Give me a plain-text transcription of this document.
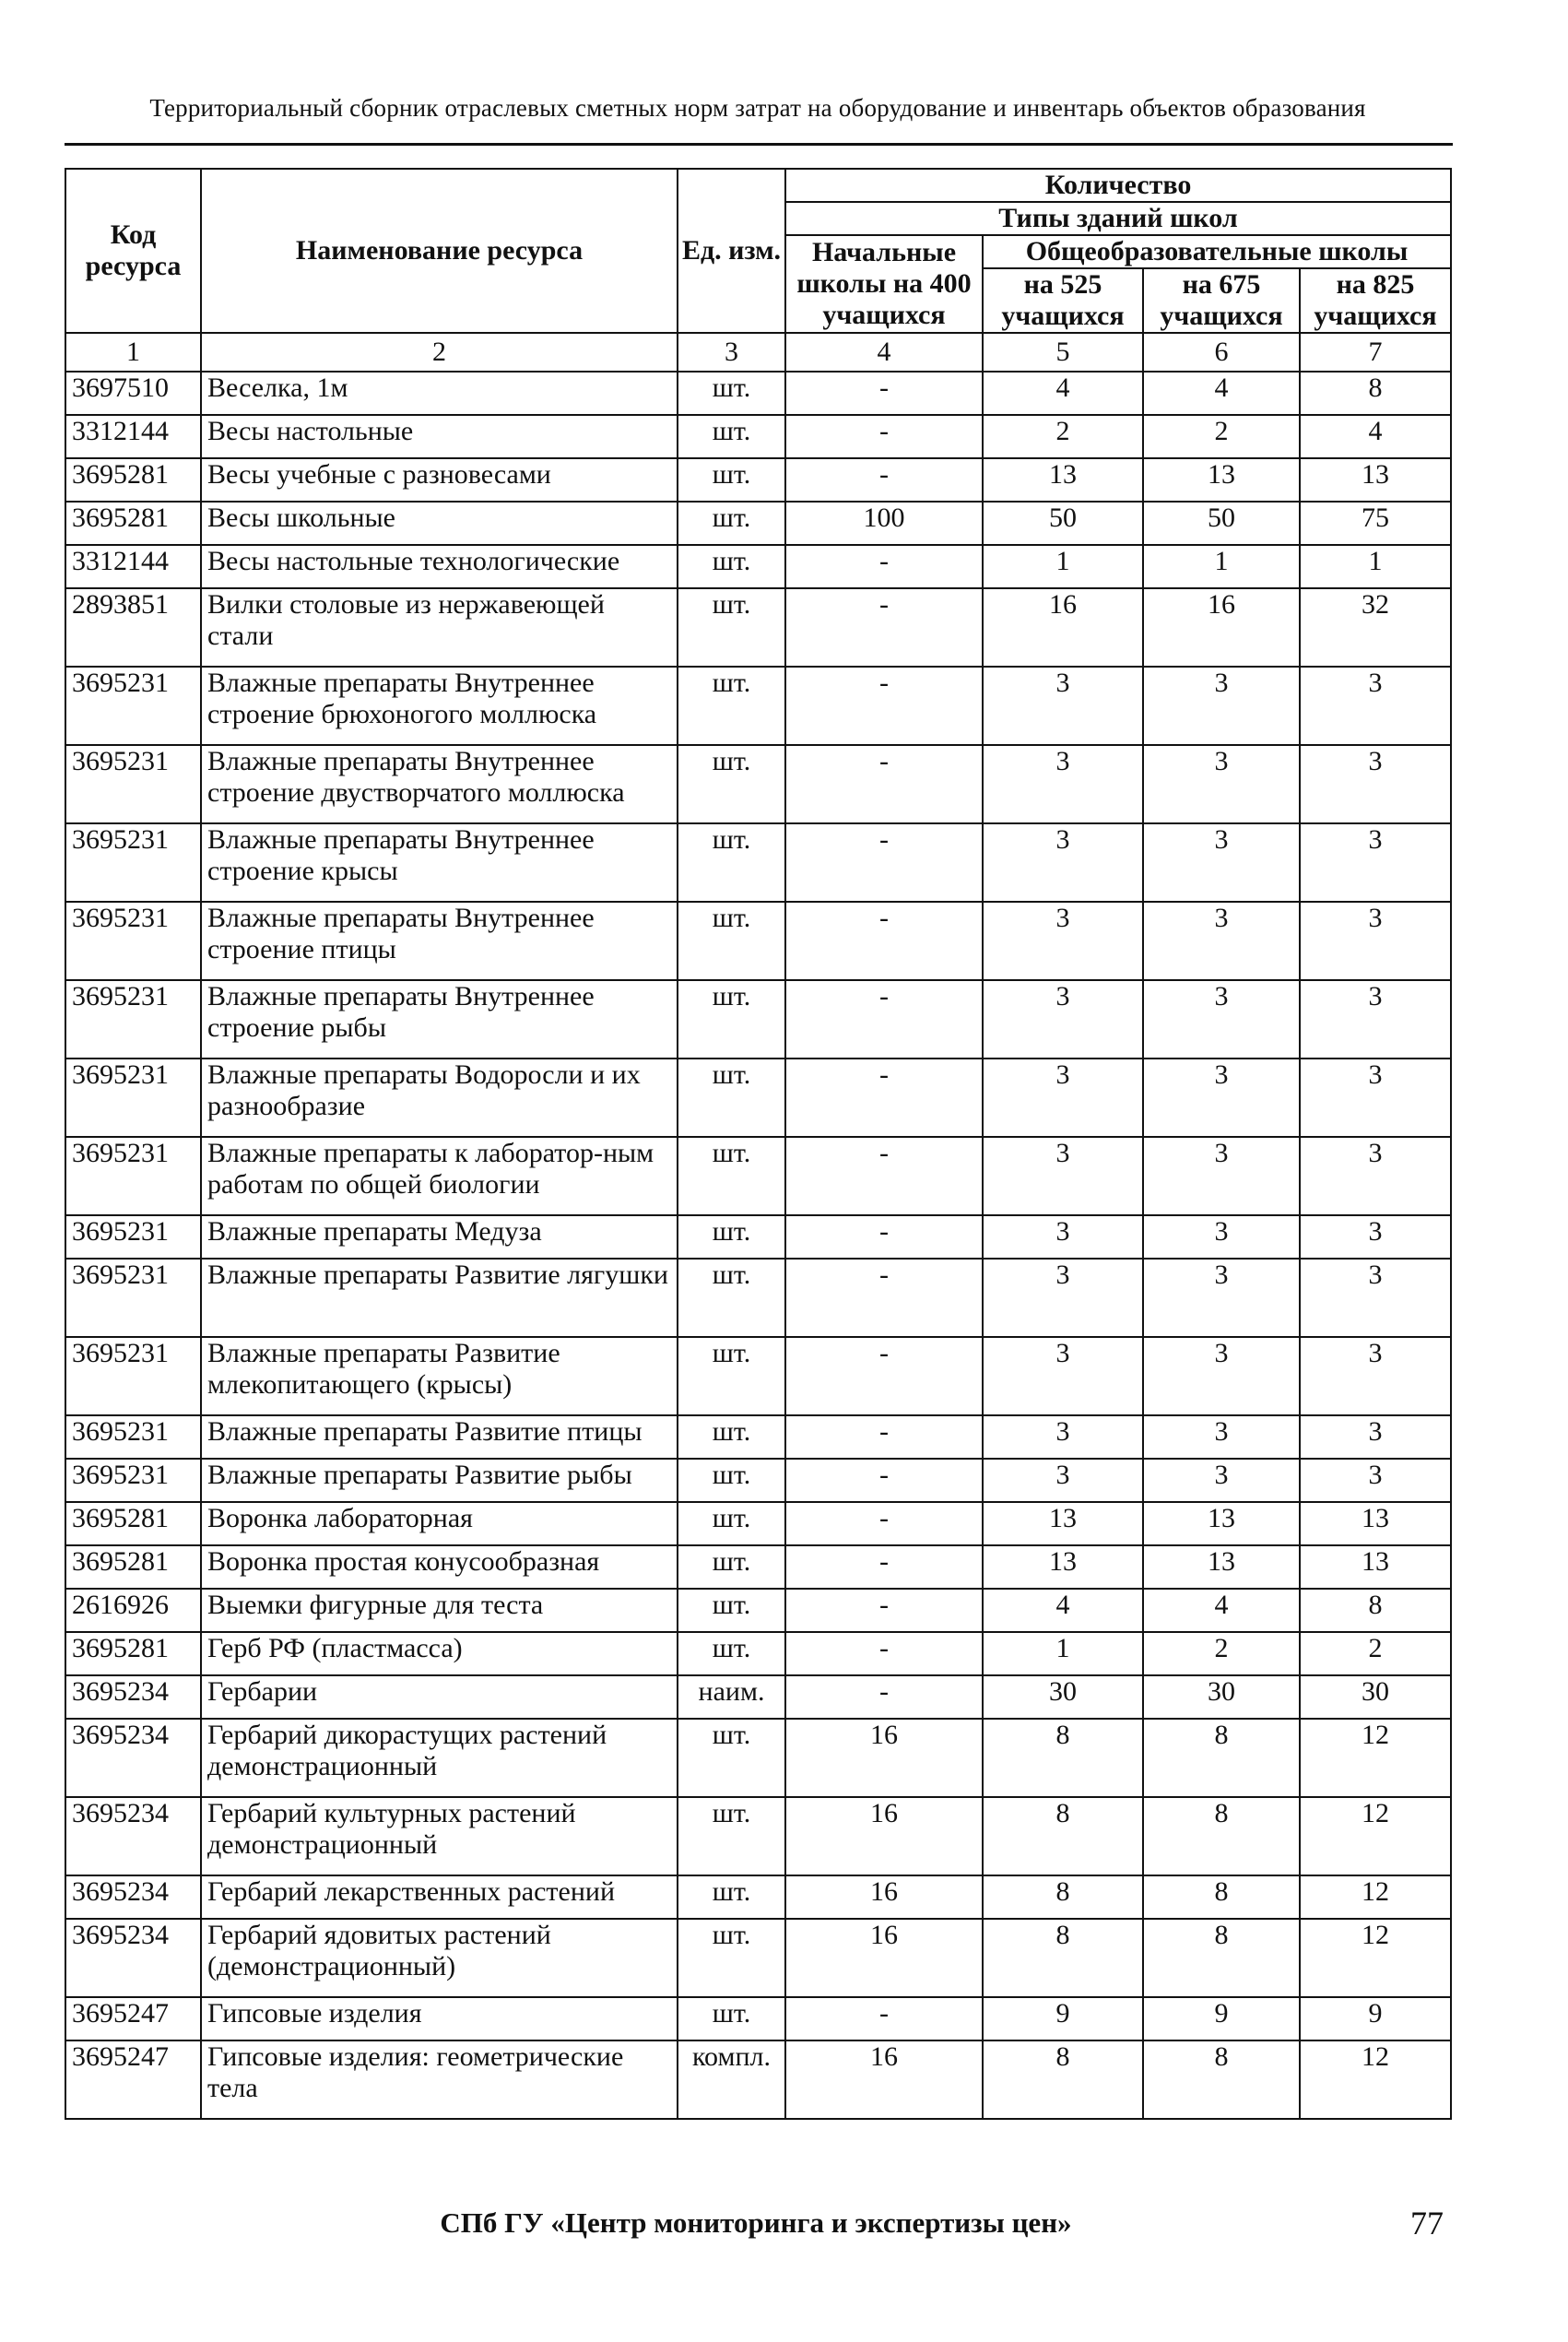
Территориальный сборник отраслевых сметных норм затрат на оборудование и инвентарь объектов образования
Код ресурса	Наименование ресурса	Ед. изм.	Количество			
			Типы зданий школ			
			Начальные школы на 400 учащихся	Общеобразовательные школы		
				на 525 учащихся	на 675 учащихся	на 825 учащихся
1	2	3	4	5	6	7
3697510	Веселка, 1м	шт.	-	4	4	8
3312144	Весы настольные	шт.	-	2	2	4
3695281	Весы учебные с разновесами	шт.	-	13	13	13
3695281	Весы школьные	шт.	100	50	50	75
3312144	Весы настольные технологические	шт.	-	1	1	1
2893851	Вилки столовые из нержавеющей стали	шт.	-	16	16	32
3695231	Влажные препараты Внутреннее строение брюхоногого моллюска	шт.	-	3	3	3
3695231	Влажные препараты Внутреннее строение двустворчатого моллюска	шт.	-	3	3	3
3695231	Влажные препараты Внутреннее строение крысы	шт.	-	3	3	3
3695231	Влажные препараты Внутреннее строение птицы	шт.	-	3	3	3
3695231	Влажные препараты Внутреннее строение рыбы	шт.	-	3	3	3
3695231	Влажные препараты Водоросли и их разнообразие	шт.	-	3	3	3
3695231	Влажные препараты к лаборатор-ным работам по общей биологии	шт.	-	3	3	3
3695231	Влажные препараты Медуза	шт.	-	3	3	3
3695231	Влажные препараты Развитие лягушки	шт.	-	3	3	3
3695231	Влажные препараты Развитие млекопитающего (крысы)	шт.	-	3	3	3
3695231	Влажные препараты Развитие птицы	шт.	-	3	3	3
3695231	Влажные препараты Развитие рыбы	шт.	-	3	3	3
3695281	Воронка лабораторная	шт.	-	13	13	13
3695281	Воронка простая конусообразная	шт.	-	13	13	13
2616926	Выемки фигурные для теста	шт.	-	4	4	8
3695281	Герб РФ (пластмасса)	шт.	-	1	2	2
3695234	Гербарии	наим.	-	30	30	30
3695234	Гербарий дикорастущих растений демонстрационный	шт.	16	8	8	12
3695234	Гербарий культурных растений демонстрационный	шт.	16	8	8	12
3695234	Гербарий лекарственных растений	шт.	16	8	8	12
3695234	Гербарий ядовитых растений (демонстрационный)	шт.	16	8	8	12
3695247	Гипсовые изделия	шт.	-	9	9	9
3695247	Гипсовые изделия: геометрические тела	компл.	16	8	8	12
СПб ГУ «Центр мониторинга и экспертизы цен»	77
